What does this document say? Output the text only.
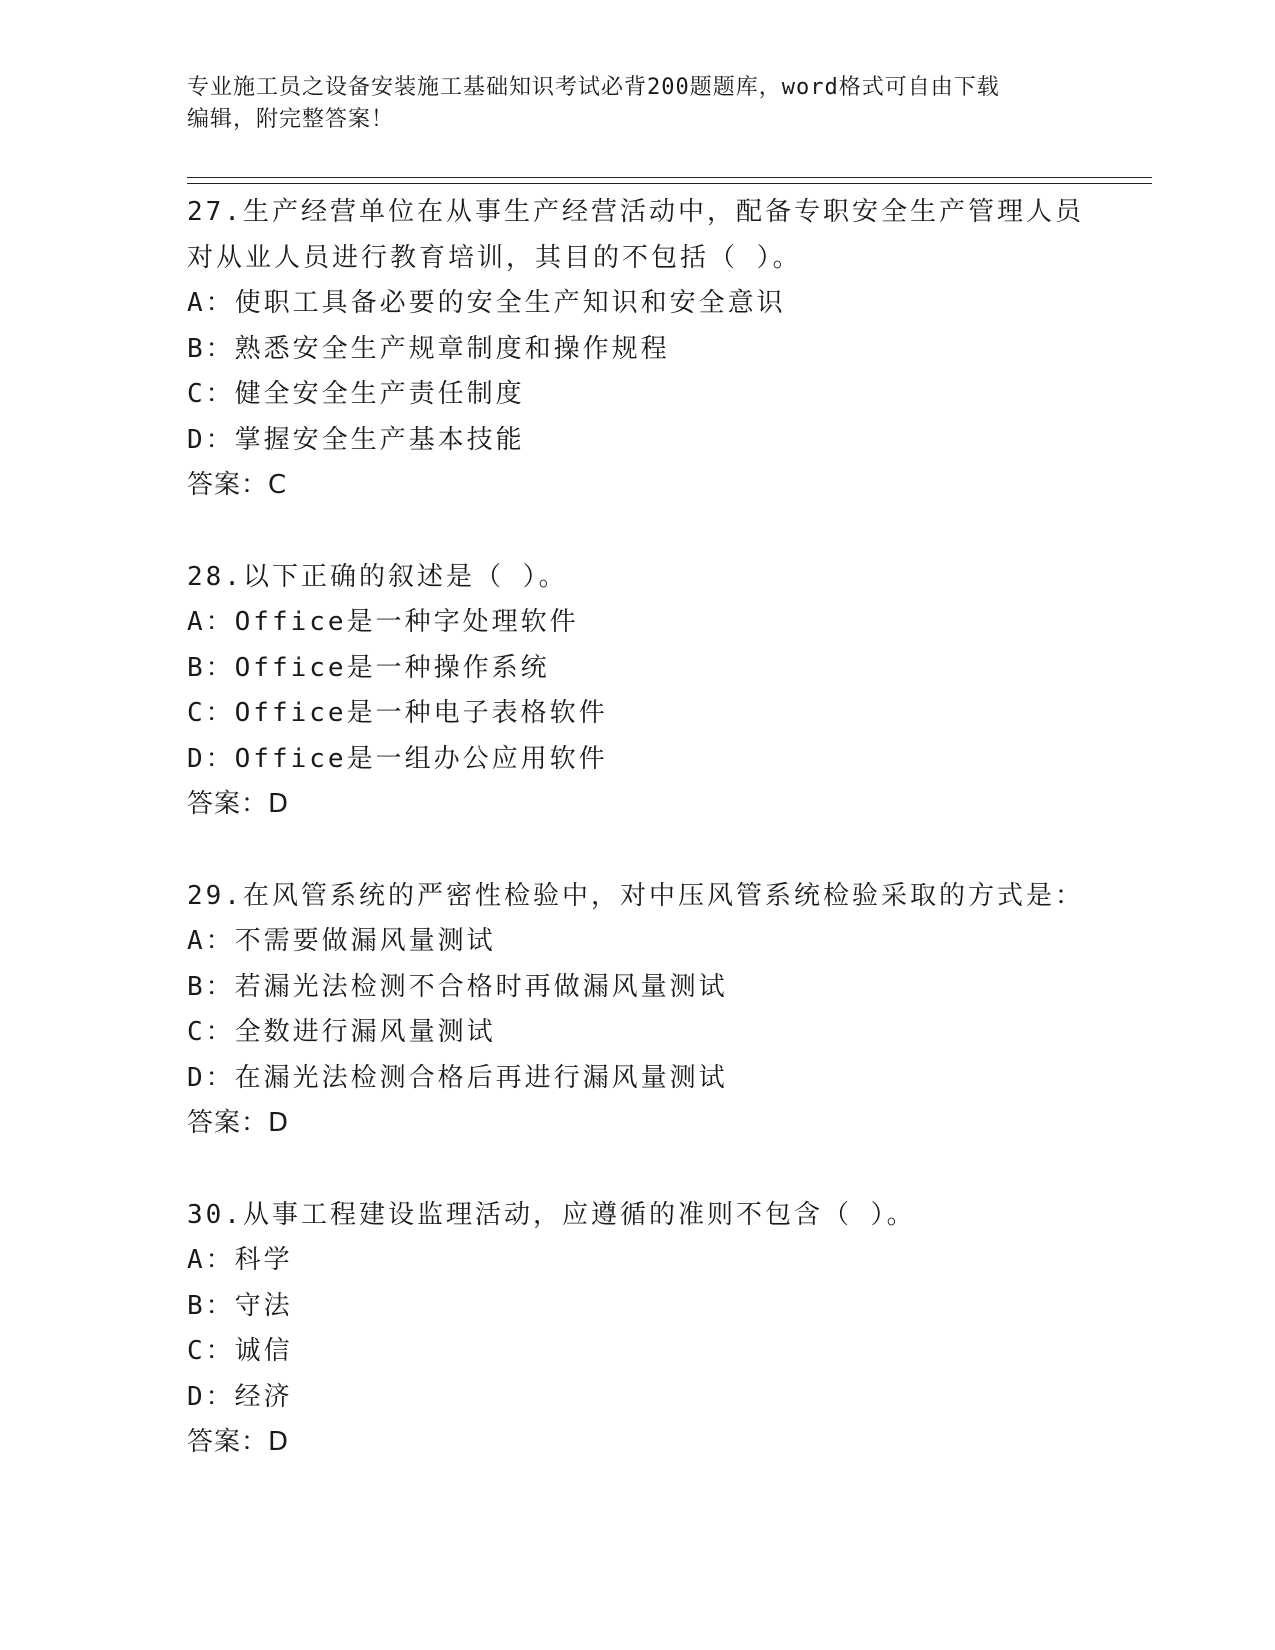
专业施工员之设备安装施工基础知识考试必背200题题库，word格式可自由下载
编辑，附完整答案！
27.生产经营单位在从事生产经营活动中，配备专职安全生产管理人员
对从业人员进行教育培训，其目的不包括（ ）。
A：使职工具备必要的安全生产知识和安全意识
B：熟悉安全生产规章制度和操作规程
C：健全安全生产责任制度
D：掌握安全生产基本技能
答案：C
28.以下正确的叙述是（ ）。
A：Office是一种字处理软件
B：Office是一种操作系统
C：Office是一种电子表格软件
D：Office是一组办公应用软件
答案：D
29.在风管系统的严密性检验中，对中压风管系统检验采取的方式是：
A：不需要做漏风量测试
B：若漏光法检测不合格时再做漏风量测试
C：全数进行漏风量测试
D：在漏光法检测合格后再进行漏风量测试
答案：D
30.从事工程建设监理活动，应遵循的准则不包含（ ）。
A：科学
B：守法
C：诚信
D：经济
答案：D
